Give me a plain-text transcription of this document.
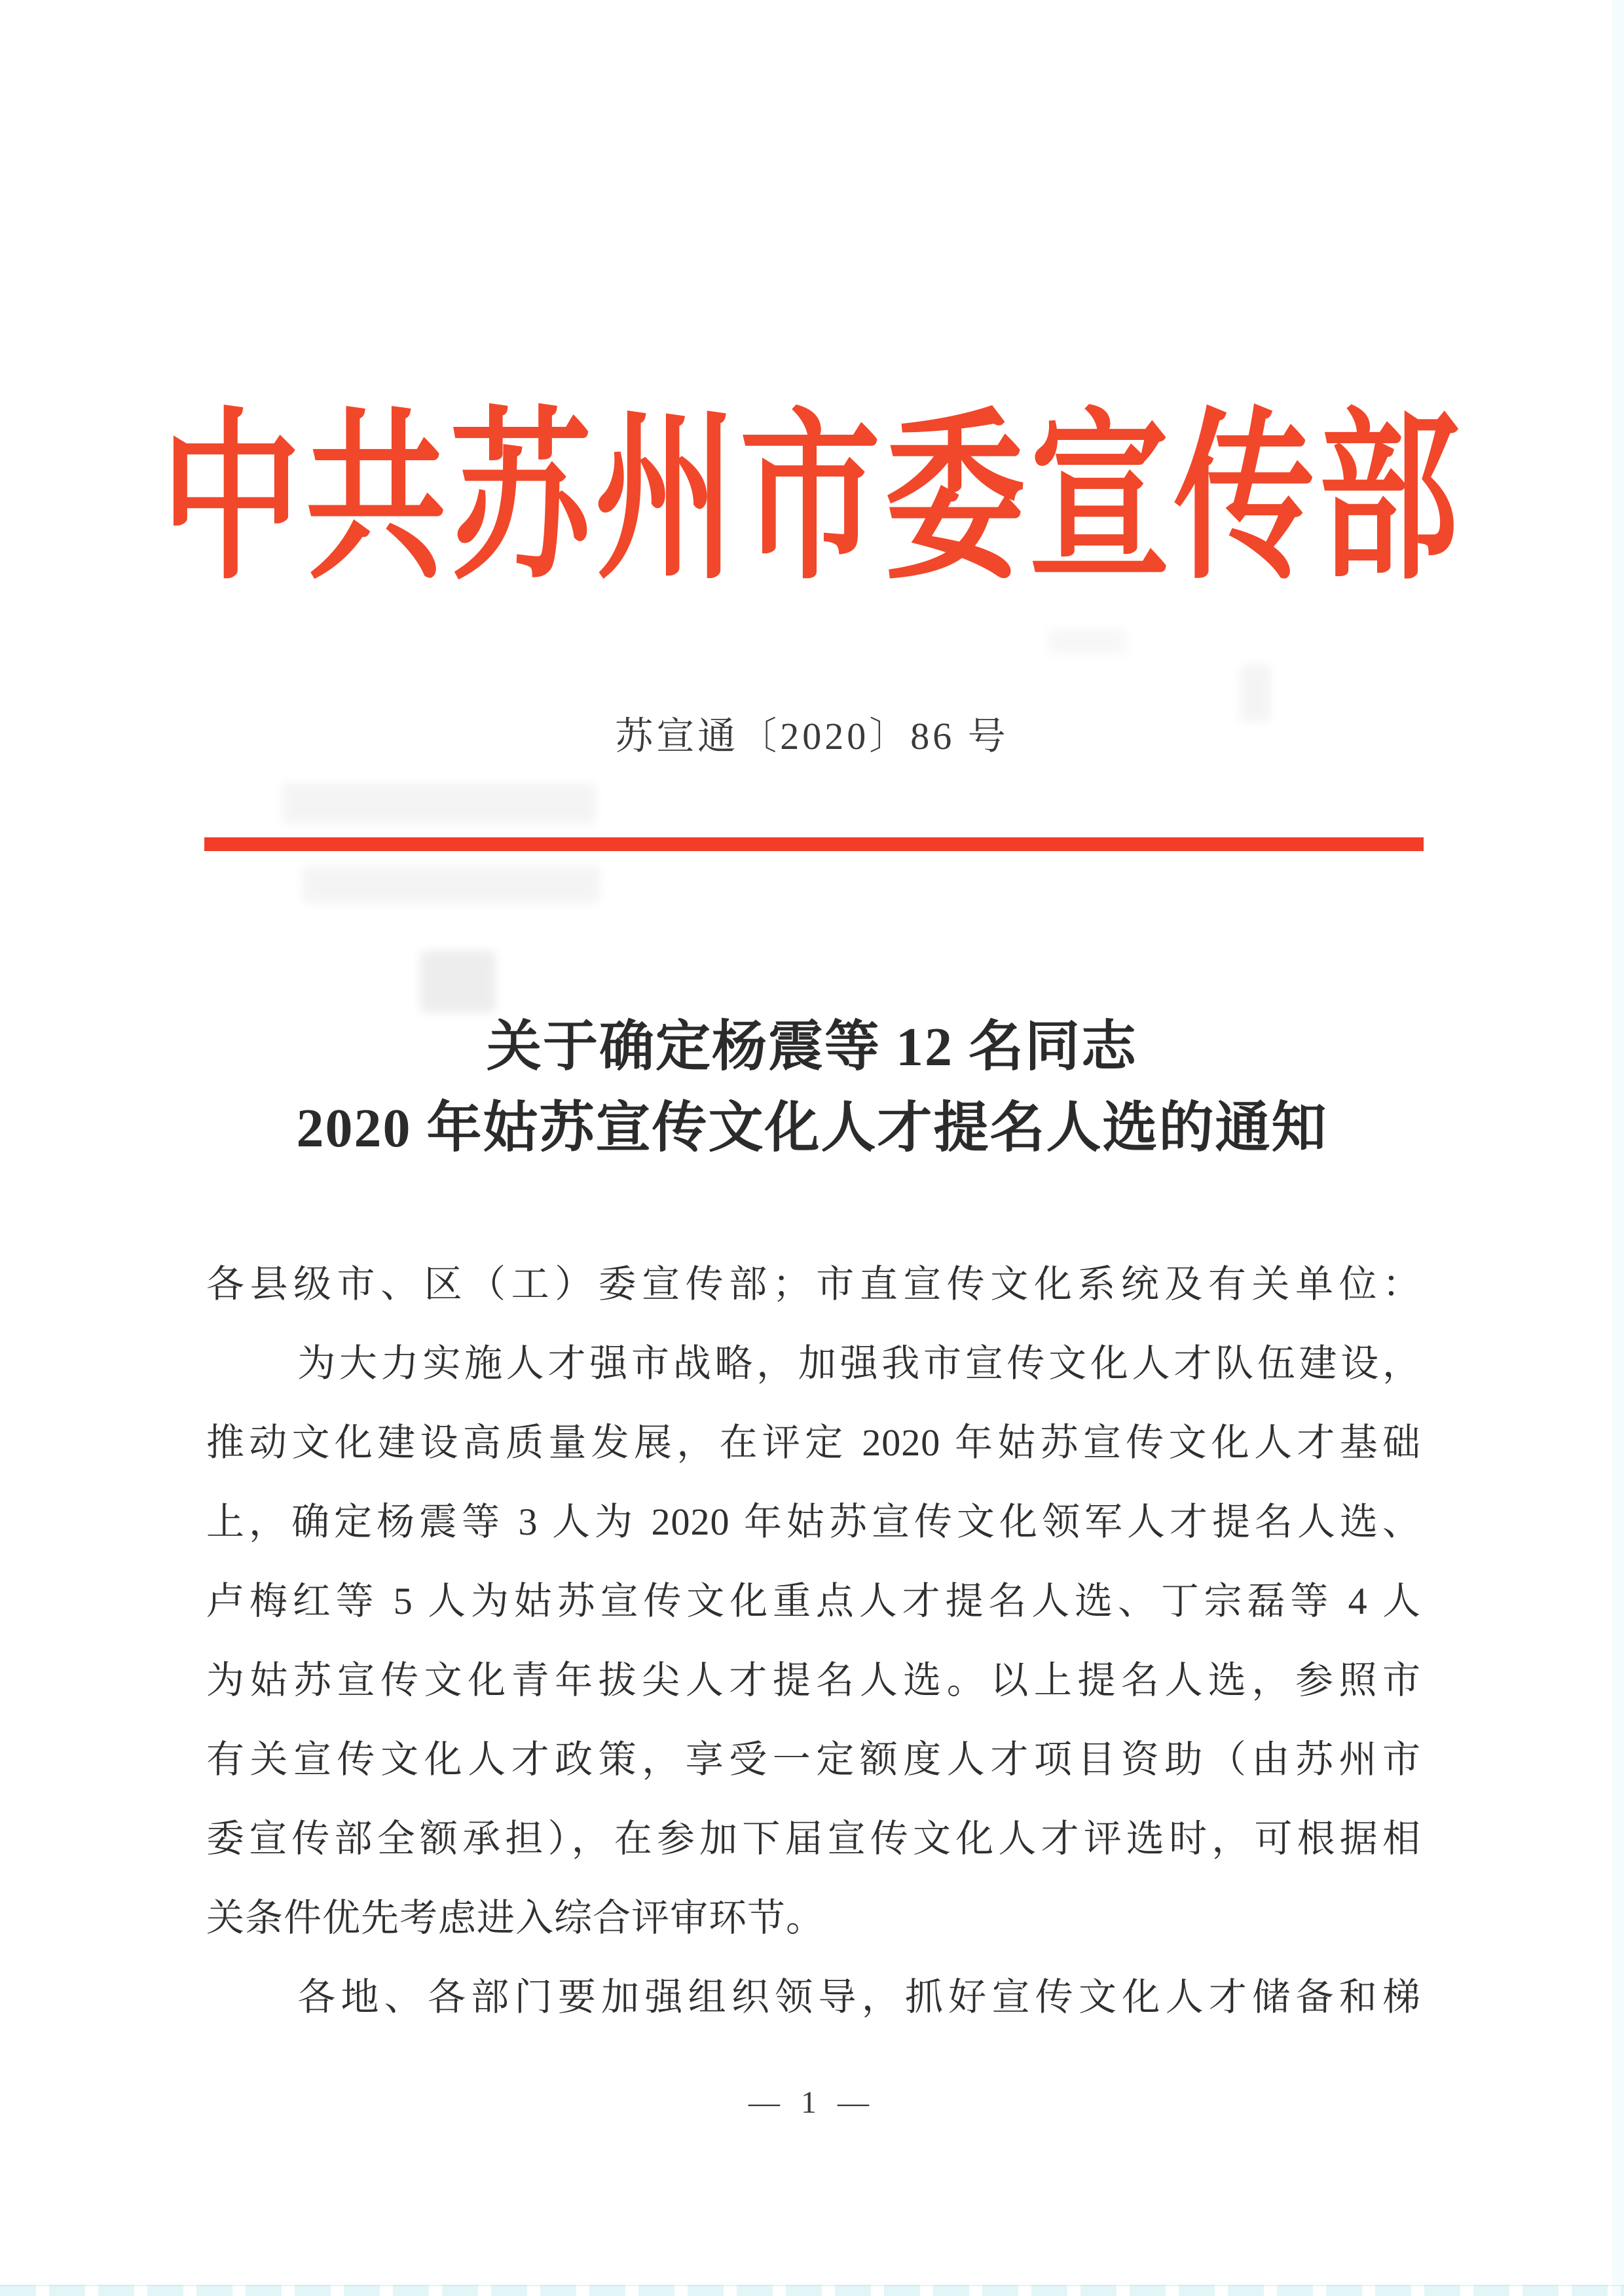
中共苏州市委宣传部
苏宣通〔2020〕86 号
关于确定杨震等 12 名同志
2020 年姑苏宣传文化人才提名人选的通知
各县级市、区（工）委宣传部；市直宣传文化系统及有关单位：
为大力实施人才强市战略，加强我市宣传文化人才队伍建设，
推动文化建设高质量发展，在评定 2020 年姑苏宣传文化人才基础
上，确定杨震等 3 人为 2020 年姑苏宣传文化领军人才提名人选、
卢梅红等 5 人为姑苏宣传文化重点人才提名人选、丁宗磊等 4 人
为姑苏宣传文化青年拔尖人才提名人选。以上提名人选，参照市
有关宣传文化人才政策，享受一定额度人才项目资助（由苏州市
委宣传部全额承担），在参加下届宣传文化人才评选时，可根据相
关条件优先考虑进入综合评审环节。
各地、各部门要加强组织领导，抓好宣传文化人才储备和梯
— 1 —
